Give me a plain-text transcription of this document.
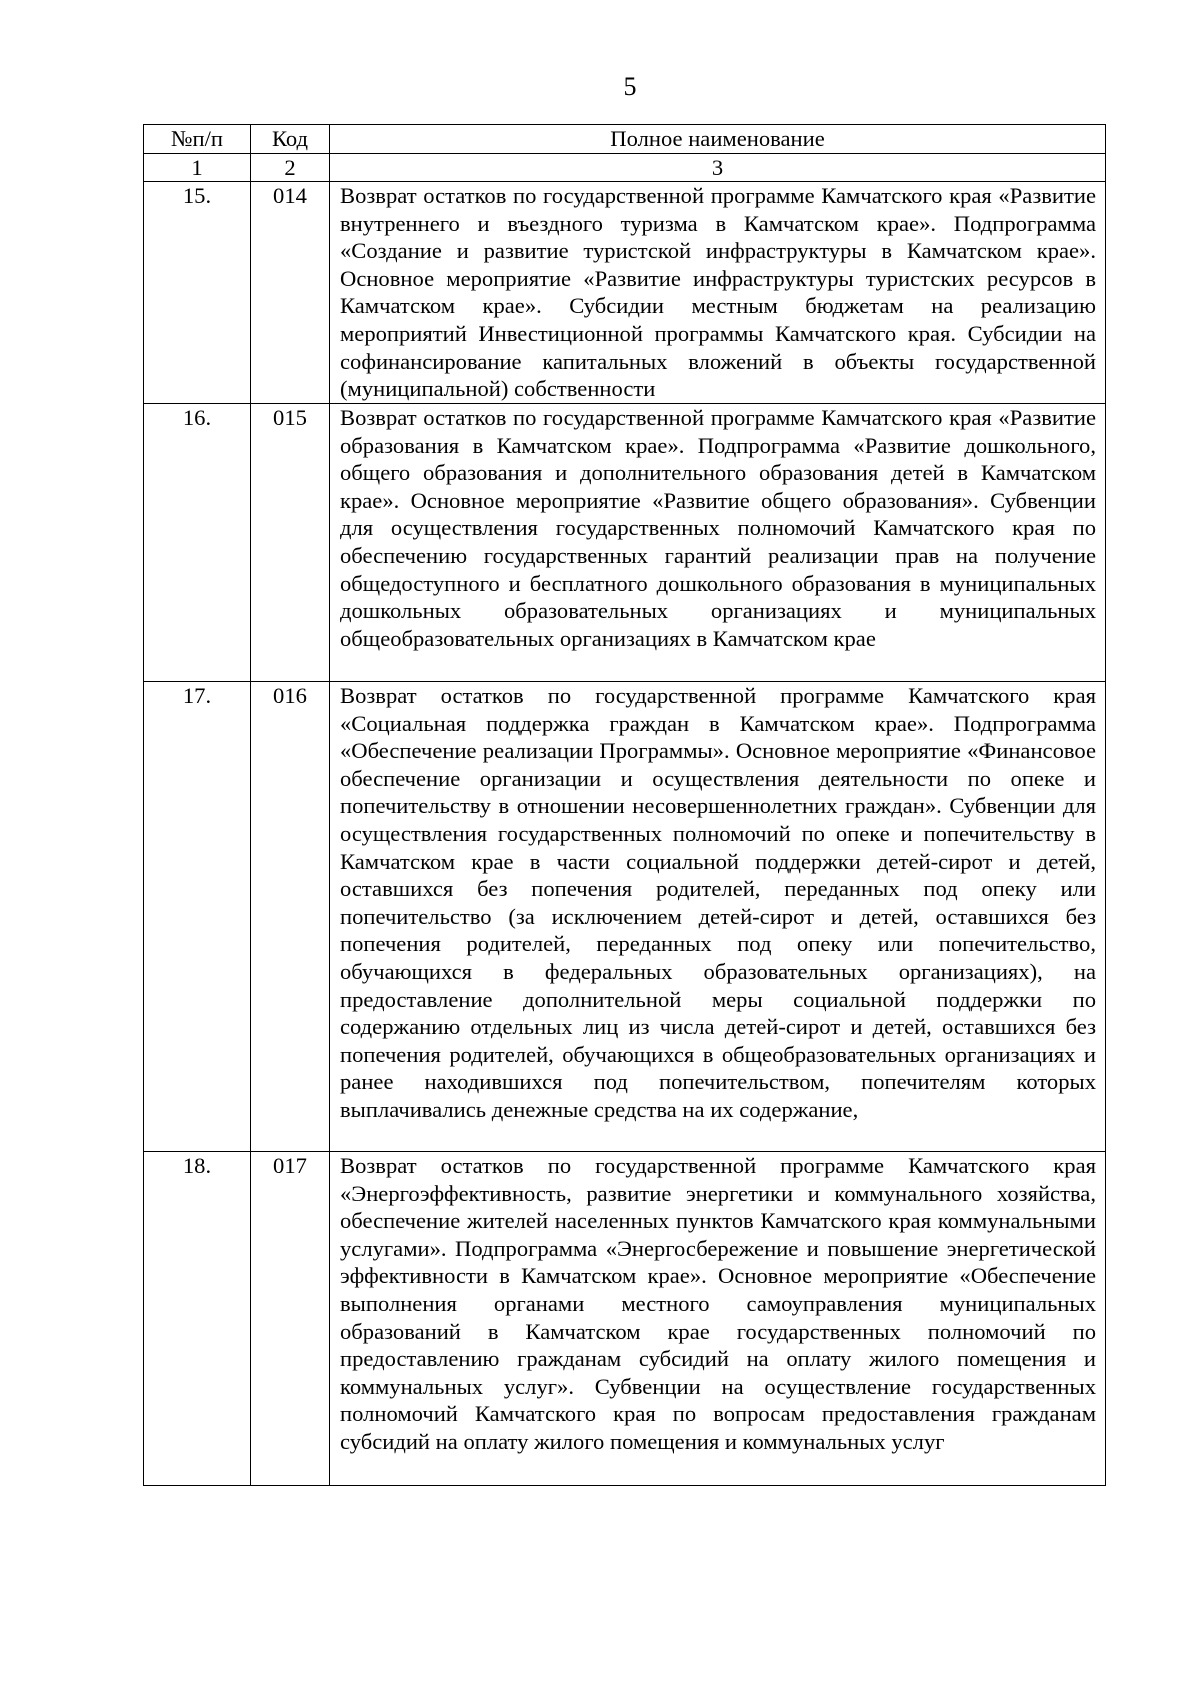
5
№п/п	Код	Полное наименование
1	2	3
15.	014	Возврат остатков по государственной программе Камчатского края «Развитие внутреннего и въездного туризма в Камчатском крае». Подпрограмма «Создание и развитие туристской инфраструктуры в Камчатском крае». Основное мероприятие «Развитие инфраструктуры туристских ресурсов в Камчатском крае». Субсидии местным бюджетам на реализацию мероприятий Инвестиционной программы Камчатского края. Субсидии на софинансирование капитальных вложений в объекты государственной (муниципальной) собственности
16.	015	Возврат остатков по государственной программе Камчатского края «Развитие образования в Камчатском крае». Подпрограмма «Развитие дошкольного, общего образования и дополнительного образования детей в Камчатском крае». Основное мероприятие «Развитие общего образования». Субвенции для осуществления государственных полномочий Камчатского края по обеспечению государственных гарантий реализации прав на получение общедоступного и бесплатного дошкольного образования в муниципальных дошкольных образовательных организациях и муниципальных общеобразовательных организациях в Камчатском крае
17.	016	Возврат остатков по государственной программе Камчатского края «Социальная поддержка граждан в Камчатском крае». Подпрограмма «Обеспечение реализации Программы». Основное мероприятие «Финансовое обеспечение организации и осуществления деятельности по опеке и попечительству в отношении несовершеннолетних граждан». Субвенции для осуществления государственных полномочий по опеке и попечительству в Камчатском крае в части социальной поддержки детей-сирот и детей, оставшихся без попечения родителей, переданных под опеку или попечительство (за исключением детей-сирот и детей, оставшихся без попечения родителей, переданных под опеку или попечительство, обучающихся в федеральных образовательных организациях), на предоставление дополнительной меры социальной поддержки по содержанию отдельных лиц из числа детей-сирот и детей, оставшихся без попечения родителей, обучающихся в общеобразовательных организациях и ранее находившихся под попечительством, попечителям которых выплачивались денежные средства на их содержание,
18.	017	Возврат остатков по государственной программе Камчатского края «Энергоэффективность, развитие энергетики и коммунального хозяйства, обеспечение жителей населенных пунктов Камчатского края коммунальными услугами». Подпрограмма «Энергосбережение и повышение энергетической эффективности в Камчатском крае». Основное мероприятие «Обеспечение выполнения органами местного самоуправления муниципальных образований в Камчатском крае государственных полномочий по предоставлению гражданам субсидий на оплату жилого помещения и коммунальных услуг». Субвенции на осуществление государственных полномочий Камчатского края по вопросам предоставления гражданам субсидий на оплату жилого помещения и коммунальных услуг
